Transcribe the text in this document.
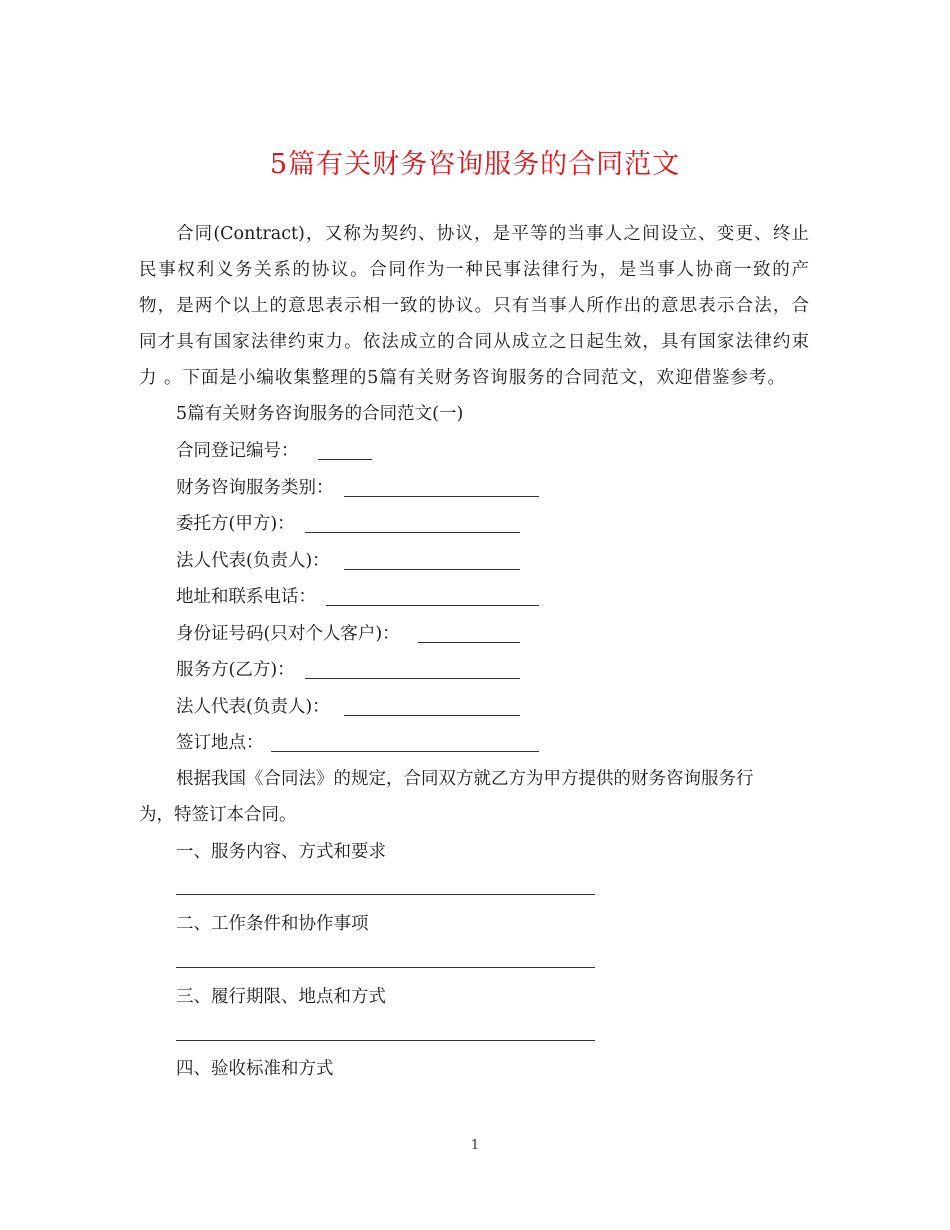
5篇有关财务咨询服务的合同范文
合同(Contract)，又称为契约、协议，是平等的当事人之间设立、变更、终止
民事权利义务关系的协议。合同作为一种民事法律行为，是当事人协商一致的产
物，是两个以上的意思表示相一致的协议。只有当事人所作出的意思表示合法，合
同才具有国家法律约束力。依法成立的合同从成立之日起生效，具有国家法律约束
力 。下面是小编收集整理的5篇有关财务咨询服务的合同范文，欢迎借鉴参考。
5篇有关财务咨询服务的合同范文(一)
合同登记编号：
财务咨询服务类别：
委托方(甲方)：
法人代表(负责人)：
地址和联系电话：
身份证号码(只对个人客户)：
服务方(乙方)：
法人代表(负责人)：
签订地点：
根据我国《合同法》的规定，合同双方就乙方为甲方提供的财务咨询服务行
为，特签订本合同。
一、服务内容、方式和要求
二、工作条件和协作事项
三、履行期限、地点和方式
四、验收标准和方式
1
